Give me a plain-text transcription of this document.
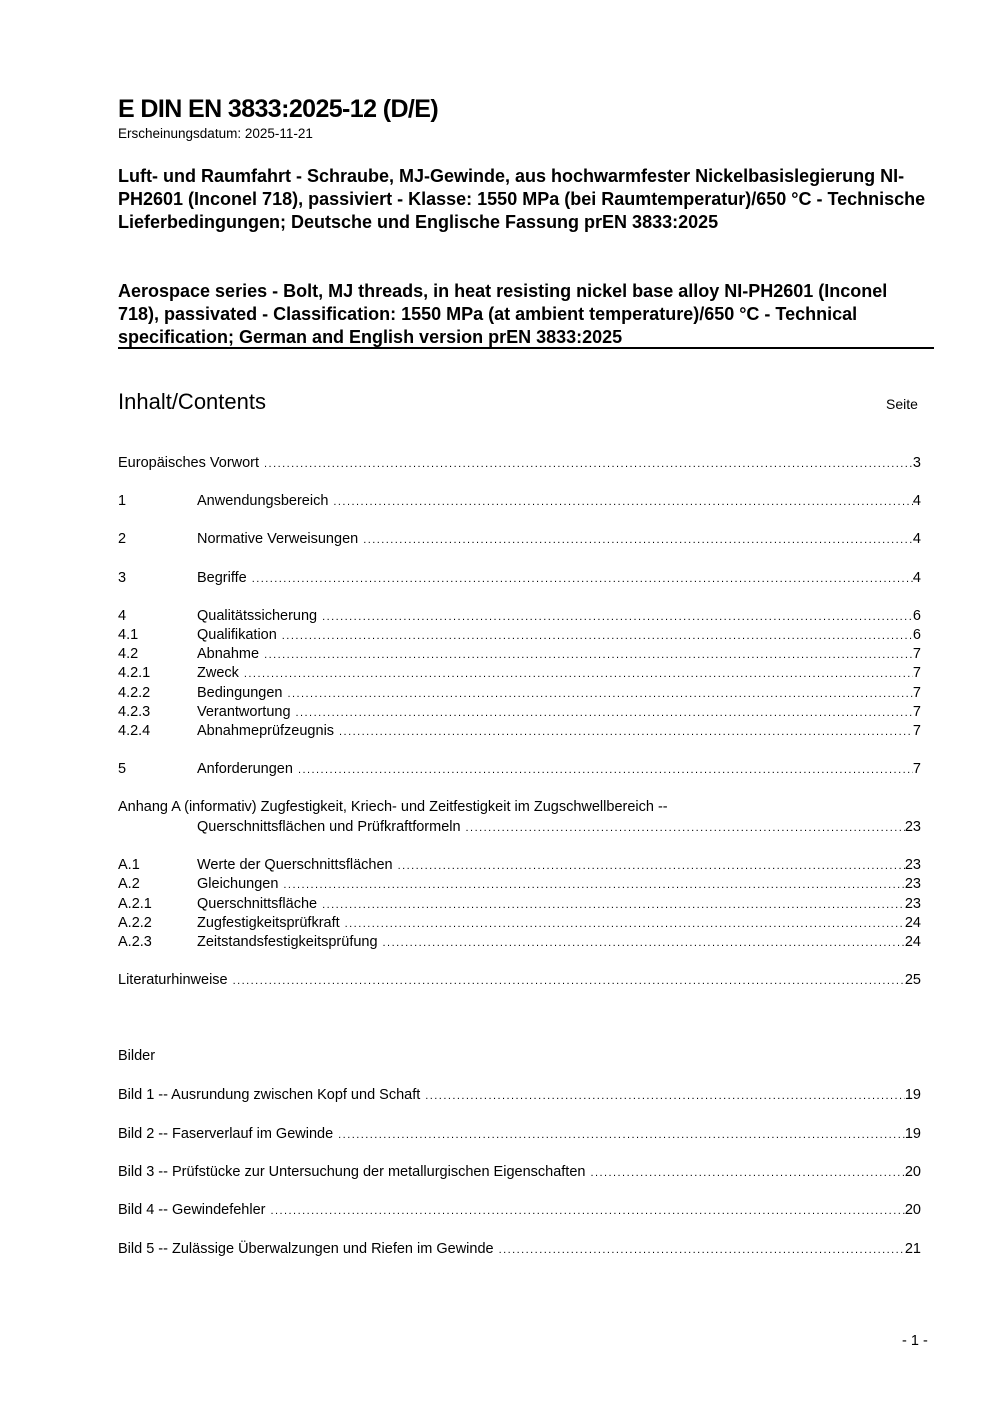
E DIN EN 3833:2025-12 (D/E)
Erscheinungsdatum: 2025-11-21
Luft- und Raumfahrt - Schraube, MJ-Gewinde, aus hochwarmfester Nickelbasislegierung NI-PH2601 (Inconel 718), passiviert - Klasse: 1550 MPa (bei Raumtemperatur)/650 °C - Technische Lieferbedingungen; Deutsche und Englische Fassung prEN 3833:2025
Aerospace series - Bolt, MJ threads, in heat resisting nickel base alloy NI-PH2601 (Inconel 718), passivated - Classification: 1550 MPa (at ambient temperature)/650 °C - Technical specification; German and English version prEN 3833:2025
Inhalt/Contents	Seite
Europäisches Vorwort . . .	3
1	Anwendungsbereich . . .	4
2	Normative Verweisungen . . .	4
3	Begriffe . . .	4
4	Qualitätssicherung . . .	6
4.1	Qualifikation . . .	6
4.2	Abnahme . . .	7
4.2.1	Zweck . . .	7
4.2.2	Bedingungen . . .	7
4.2.3	Verantwortung . . .	7
4.2.4	Abnahmeprüfzeugnis . . .	7
5	Anforderungen . . .	7
Anhang A (informativ) Zugfestigkeit, Kriech- und Zeitfestigkeit im Zugschwellbereich --
Querschnittsflächen und Prüfkraftformeln . . .	23
A.1	Werte der Querschnittsflächen . . .	23
A.2	Gleichungen . . .	23
A.2.1	Querschnittsfläche . . .	23
A.2.2	Zugfestigkeitsprüfkraft . . .	24
A.2.3	Zeitstandsfestigkeitsprüfung . . .	24
Literaturhinweise . . .	25
Bilder
Bild 1 -- Ausrundung zwischen Kopf und Schaft . . .	19
Bild 2 -- Faserverlauf im Gewinde . . .	19
Bild 3 -- Prüfstücke zur Untersuchung der metallurgischen Eigenschaften . . .	20
Bild 4 -- Gewindefehler . . .	20
Bild 5 -- Zulässige Überwalzungen und Riefen im Gewinde . . .	21
- 1 -
